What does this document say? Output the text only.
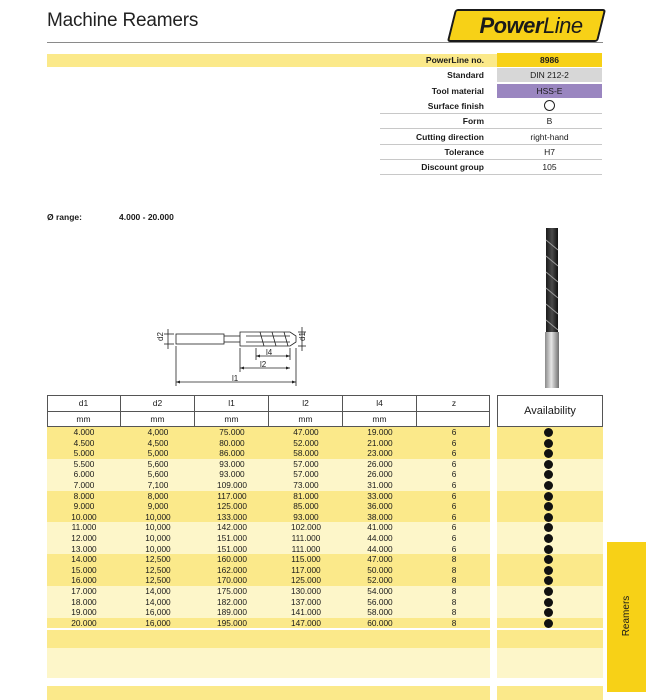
Machine Reamers	PowerLine
PowerLine no.	8986
Standard	DIN 212-2
Tool material	HSS-E
Surface finish
Form	B
Cutting direction	right-hand
Tolerance	H7
Discount group	105
Ø range:	4.000 - 20.000
d2	d1
l4
l2
l1
d1	d2	l1	l2	l4	z
mm	mm	mm	mm	mm
4.000	4,000	75.000	47.000	19.000	6
4.500	4,500	80.000	52.000	21.000	6
5.000	5,000	86.000	58.000	23.000	6
5.500	5,600	93.000	57.000	26.000	6
6.000	5,600	93.000	57.000	26.000	6
7.000	7,100	109.000	73.000	31.000	6
8.000	8,000	117.000	81.000	33.000	6
9.000	9,000	125.000	85.000	36.000	6
10.000	10,000	133.000	93.000	38.000	6
11.000	10,000	142.000	102.000	41.000	6
12.000	10,000	151.000	111.000	44.000	6
13.000	10,000	151.000	111.000	44.000	6
14.000	12,500	160.000	115.000	47.000	8
15.000	12,500	162.000	117.000	50.000	8
16.000	12,500	170.000	125.000	52.000	8
17.000	14,000	175.000	130.000	54.000	8
18.000	14,000	182.000	137.000	56.000	8
19.000	16,000	189.000	141.000	58.000	8
20.000	16,000	195.000	147.000	60.000	8
Availability
Reamers
